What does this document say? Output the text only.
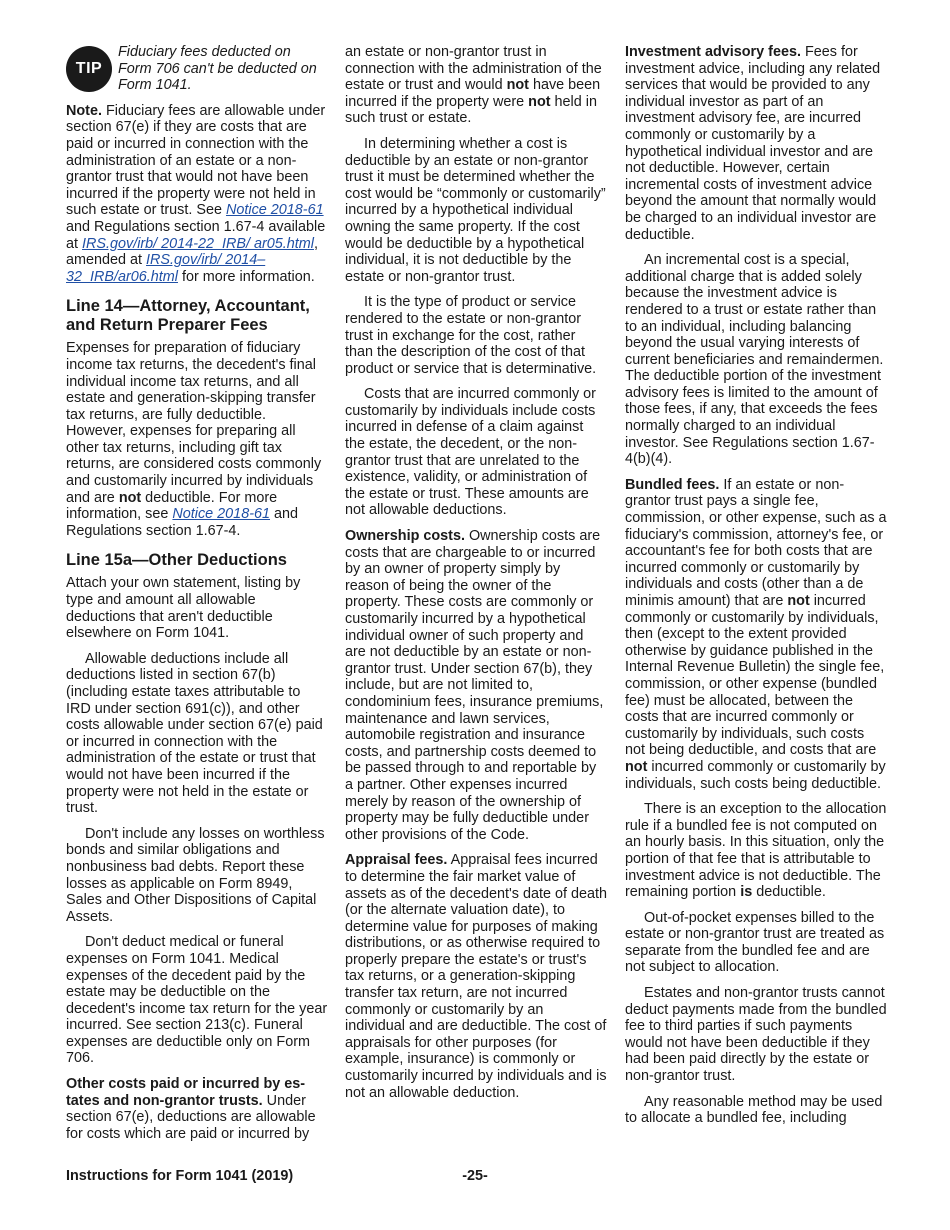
TIP
Fiduciary fees deducted on Form 706 can't be deducted on Form 1041.

Note. Fiduciary fees are allowable under section 67(e) if they are costs that are paid or incurred in connection with the administration of an estate or a non-grantor trust that would not have been incurred if the property were not held in such estate or trust. See Notice 2018-61 and Regulations section 1.67-4 available at IRS.gov/irb/ 2014-22_IRB/ ar05.html, amended at IRS.gov/irb/ 2014–32_IRB/ar06.html for more information.

Line 14—Attorney, Accountant, and Return Preparer Fees

Expenses for preparation of fiduciary income tax returns, the decedent's final individual income tax returns, and all estate and generation-skipping transfer tax returns, are fully deductible. However, expenses for preparing all other tax returns, including gift tax returns, are considered costs commonly and customarily incurred by individuals and are not deductible. For more information, see Notice 2018-61 and Regulations section 1.67-4.

Line 15a—Other Deductions

Attach your own statement, listing by type and amount all allowable deductions that aren't deductible elsewhere on Form 1041.

Allowable deductions include all deductions listed in section 67(b) (including estate taxes attributable to IRD under section 691(c)), and other costs allowable under section 67(e) paid or incurred in connection with the administration of the estate or trust that would not have been incurred if the property were not held in the estate or trust.

Don't include any losses on worthless bonds and similar obligations and nonbusiness bad debts. Report these losses as applicable on Form 8949, Sales and Other Dispositions of Capital Assets.

Don't deduct medical or funeral expenses on Form 1041. Medical expenses of the decedent paid by the estate may be deductible on the decedent's income tax return for the year incurred. See section 213(c). Funeral expenses are deductible only on Form 706.

Other costs paid or incurred by es- tates and non-grantor trusts. Under section 67(e), deductions are allowable for costs which are paid or incurred by

an estate or non-grantor trust in connection with the administration of the estate or trust and would not have been incurred if the property were not held in such trust or estate.

In determining whether a cost is deductible by an estate or non-grantor trust it must be determined whether the cost would be “commonly or customarily” incurred by a hypothetical individual owning the same property. If the cost would be deductible by a hypothetical individual, it is not deductible by the estate or non-grantor trust.

It is the type of product or service rendered to the estate or non-grantor trust in exchange for the cost, rather than the description of the cost of that product or service that is determinative.

Costs that are incurred commonly or customarily by individuals include costs incurred in defense of a claim against the estate, the decedent, or the non-grantor trust that are unrelated to the existence, validity, or administration of the estate or trust. These amounts are not allowable deductions.

Ownership costs. Ownership costs are costs that are chargeable to or incurred by an owner of property simply by reason of being the owner of the property. These costs are commonly or customarily incurred by a hypothetical individual owner of such property and are not deductible by an estate or non-grantor trust. Under section 67(b), they include, but are not limited to, condominium fees, insurance premiums, maintenance and lawn services, automobile registration and insurance costs, and partnership costs deemed to be passed through to and reportable by a partner. Other expenses incurred merely by reason of the ownership of property may be fully deductible under other provisions of the Code.

Appraisal fees. Appraisal fees incurred to determine the fair market value of assets as of the decedent's date of death (or the alternate valuation date), to determine value for purposes of making distributions, or as otherwise required to properly prepare the estate's or trust's tax returns, or a generation-skipping transfer tax return, are not incurred commonly or customarily by an individual and are deductible. The cost of appraisals for other purposes (for example, insurance) is commonly or customarily incurred by individuals and is not an allowable deduction.

Investment advisory fees. Fees for investment advice, including any related services that would be provided to any individual investor as part of an investment advisory fee, are incurred commonly or customarily by a hypothetical individual investor and are not deductible. However, certain incremental costs of investment advice beyond the amount that normally would be charged to an individual investor are deductible.

An incremental cost is a special, additional charge that is added solely because the investment advice is rendered to a trust or estate rather than to an individual, including balancing beyond the usual varying interests of current beneficiaries and remaindermen. The deductible portion of the investment advisory fees is limited to the amount of those fees, if any, that exceeds the fees normally charged to an individual investor. See Regulations section 1.67-4(b)(4).

Bundled fees. If an estate or non-grantor trust pays a single fee, commission, or other expense, such as a fiduciary's commission, attorney's fee, or accountant's fee for both costs that are incurred commonly or customarily by individuals and costs (other than a de minimis amount) that are not incurred commonly or customarily by individuals, then (except to the extent provided otherwise by guidance published in the Internal Revenue Bulletin) the single fee, commission, or other expense (bundled fee) must be allocated, between the costs that are incurred commonly or customarily by individuals, such costs not being deductible, and costs that are not incurred commonly or customarily by individuals, such costs being deductible.

There is an exception to the allocation rule if a bundled fee is not computed on an hourly basis. In this situation, only the portion of that fee that is attributable to investment advice is not deductible. The remaining portion is deductible.

Out-of-pocket expenses billed to the estate or non-grantor trust are treated as separate from the bundled fee and are not subject to allocation.

Estates and non-grantor trusts cannot deduct payments made from the bundled fee to third parties if such payments would not have been deductible if they had been paid directly by the estate or non-grantor trust.

Any reasonable method may be used to allocate a bundled fee, including

Instructions for Form 1041 (2019)	-25-
